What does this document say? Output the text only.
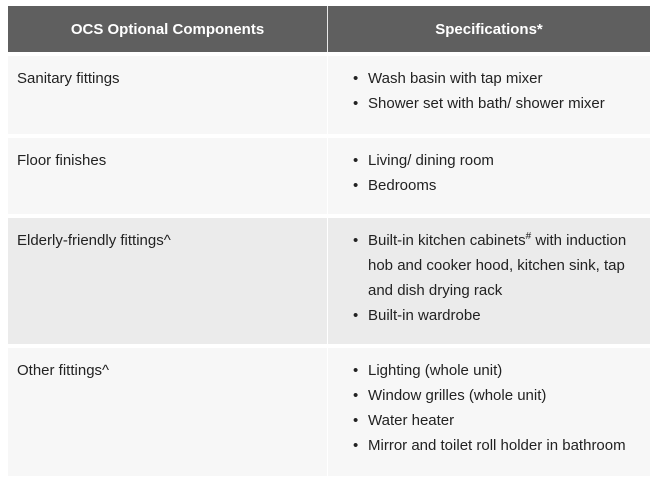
OCS Optional Components	Specifications*
Sanitary fittings	• Wash basin with tap mixer
• Shower set with bath/ shower mixer
Floor finishes	• Living/ dining room
• Bedrooms
Elderly-friendly fittings^	• Built-in kitchen cabinets# with induction hob and cooker hood, kitchen sink, tap and dish drying rack
• Built-in wardrobe
Other fittings^	• Lighting (whole unit)
• Window grilles (whole unit)
• Water heater
• Mirror and toilet roll holder in bathroom
